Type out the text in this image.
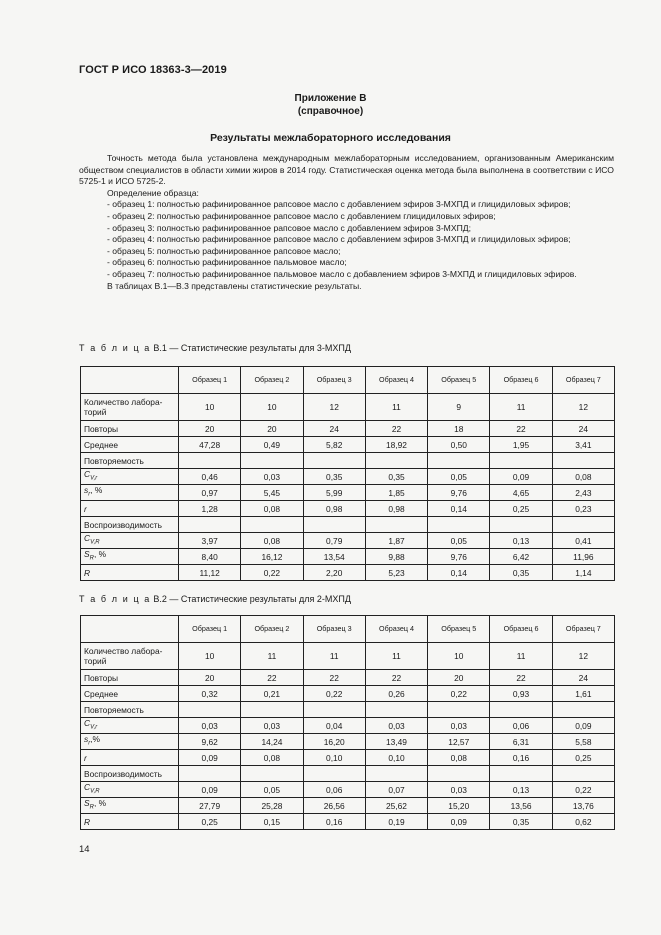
ГОСТ Р ИСО 18363-3—2019
Приложение В
(справочное)
Результаты межлабораторного исследования

Точность метода была установлена международным межлабораторным исследованием, организованным Американским обществом специалистов в области химии жиров в 2014 году. Статистическая оценка метода была выполнена в соответствии с ИСО 5725-1 и ИСО 5725-2.

Определение образца:

- образец 1: полностью рафинированное рапсовое масло с добавлением эфиров 3-МХПД и глицидиловых эфиров;

- образец 2: полностью рафинированное рапсовое масло с добавлением глицидиловых эфиров;

- образец 3: полностью рафинированное рапсовое масло с добавлением эфиров 3-МХПД;

- образец 4: полностью рафинированное рапсовое масло с добавлением эфиров 3-МХПД и глицидиловых эфиров;

- образец 5: полностью рафинированное рапсовое масло;

- образец 6: полностью рафинированное пальмовое масло;

- образец 7: полностью рафинированное пальмовое масло с добавлением эфиров 3-МХПД и глицидиловых эфиров.

В таблицах В.1—В.3 представлены статистические результаты.

Т а б л и ц а В.1 — Статистические результаты для 3-МХПД
	Образец 1	Образец 2	Образец 3	Образец 4	Образец 5	Образец 6	Образец 7
Количество лабора-
торий	10	10	12	11	9	11	12
Повторы	20	20	24	22	18	22	24
Среднее	47,28	0,49	5,82	18,92	0,50	1,95	3,41
Повторяемость							
$C_{V,r}$	0,46	0,03	0,35	0,35	0,05	0,09	0,08
$s_r$, %	0,97	5,45	5,99	1,85	9,76	4,65	2,43
r	1,28	0,08	0,98	0,98	0,14	0,25	0,23
Воспроизводимость							
$C_{V,R}$	3,97	0,08	0,79	1,87	0,05	0,13	0,41
$S_R$, %	8,40	16,12	13,54	9,88	9,76	6,42	11,96
R	11,12	0,22	2,20	5,23	0,14	0,35	1,14
Т а б л и ц а В.2 — Статистические результаты для 2-МХПД
	Образец 1	Образец 2	Образец 3	Образец 4	Образец 5	Образец 6	Образец 7
Количество лабора-
торий	10	11	11	11	10	11	12
Повторы	20	22	22	22	20	22	24
Среднее	0,32	0,21	0,22	0,26	0,22	0,93	1,61
Повторяемость							
$C_{V,r}$	0,03	0,03	0,04	0,03	0,03	0,06	0,09
$s_r,\%$	9,62	14,24	16,20	13,49	12,57	6,31	5,58
r	0,09	0,08	0,10	0,10	0,08	0,16	0,25
Воспроизводимость							
$C_{V,R}$	0,09	0,05	0,06	0,07	0,03	0,13	0,22
$S_R$, %	27,79	25,28	26,56	25,62	15,20	13,56	13,76
R	0,25	0,15	0,16	0,19	0,09	0,35	0,62
14
